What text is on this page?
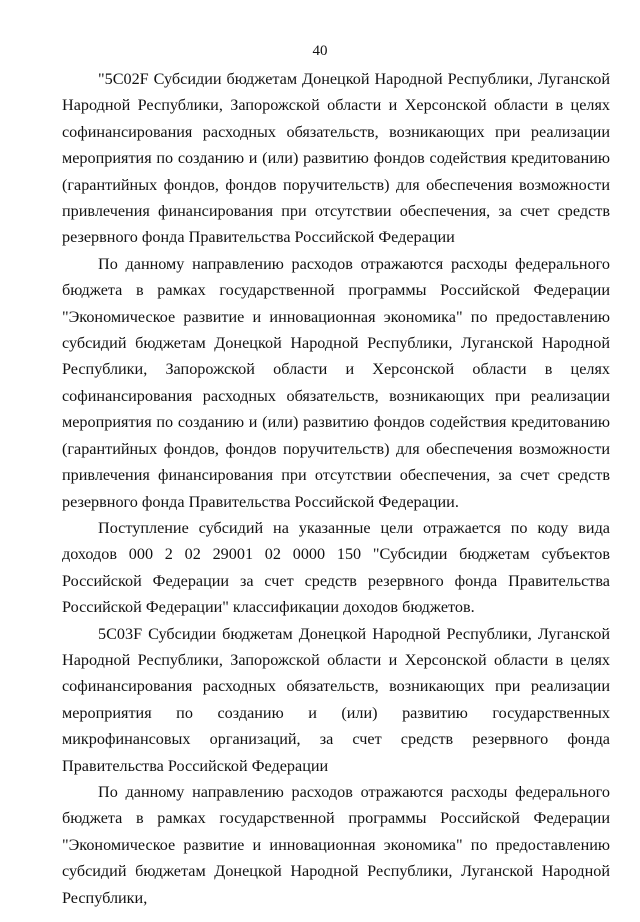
40

"5С02F Субсидии бюджетам Донецкой Народной Республики, Луганской Народной Республики, Запорожской области и Херсонской области в целях софинансирования расходных обязательств, возникающих при реализации мероприятия по созданию и (или) развитию фондов содействия кредитованию (гарантийных фондов, фондов поручительств) для обеспечения возможности привлечения финансирования при отсутствии обеспечения, за счет средств резервного фонда Правительства Российской Федерации

По данному направлению расходов отражаются расходы федерального бюджета в рамках государственной программы Российской Федерации "Экономическое развитие и инновационная экономика" по предоставлению субсидий бюджетам Донецкой Народной Республики, Луганской Народной Республики, Запорожской области и Херсонской области в целях софинансирования расходных обязательств, возникающих при реализации мероприятия по созданию и (или) развитию фондов содействия кредитованию (гарантийных фондов, фондов поручительств) для обеспечения возможности привлечения финансирования при отсутствии обеспечения, за счет средств резервного фонда Правительства Российской Федерации.

Поступление субсидий на указанные цели отражается по коду вида доходов 000 2 02 29001 02 0000 150 "Субсидии бюджетам субъектов Российской Федерации за счет средств резервного фонда Правительства Российской Федерации" классификации доходов бюджетов.

5С03F Субсидии бюджетам Донецкой Народной Республики, Луганской Народной Республики, Запорожской области и Херсонской области в целях софинансирования расходных обязательств, возникающих при реализации мероприятия по созданию и (или) развитию государственных микрофинансовых организаций, за счет средств резервного фонда Правительства Российской Федерации

По данному направлению расходов отражаются расходы федерального бюджета в рамках государственной программы Российской Федерации "Экономическое развитие и инновационная экономика" по предоставлению субсидий бюджетам Донецкой Народной Республики, Луганской Народной Республики,
